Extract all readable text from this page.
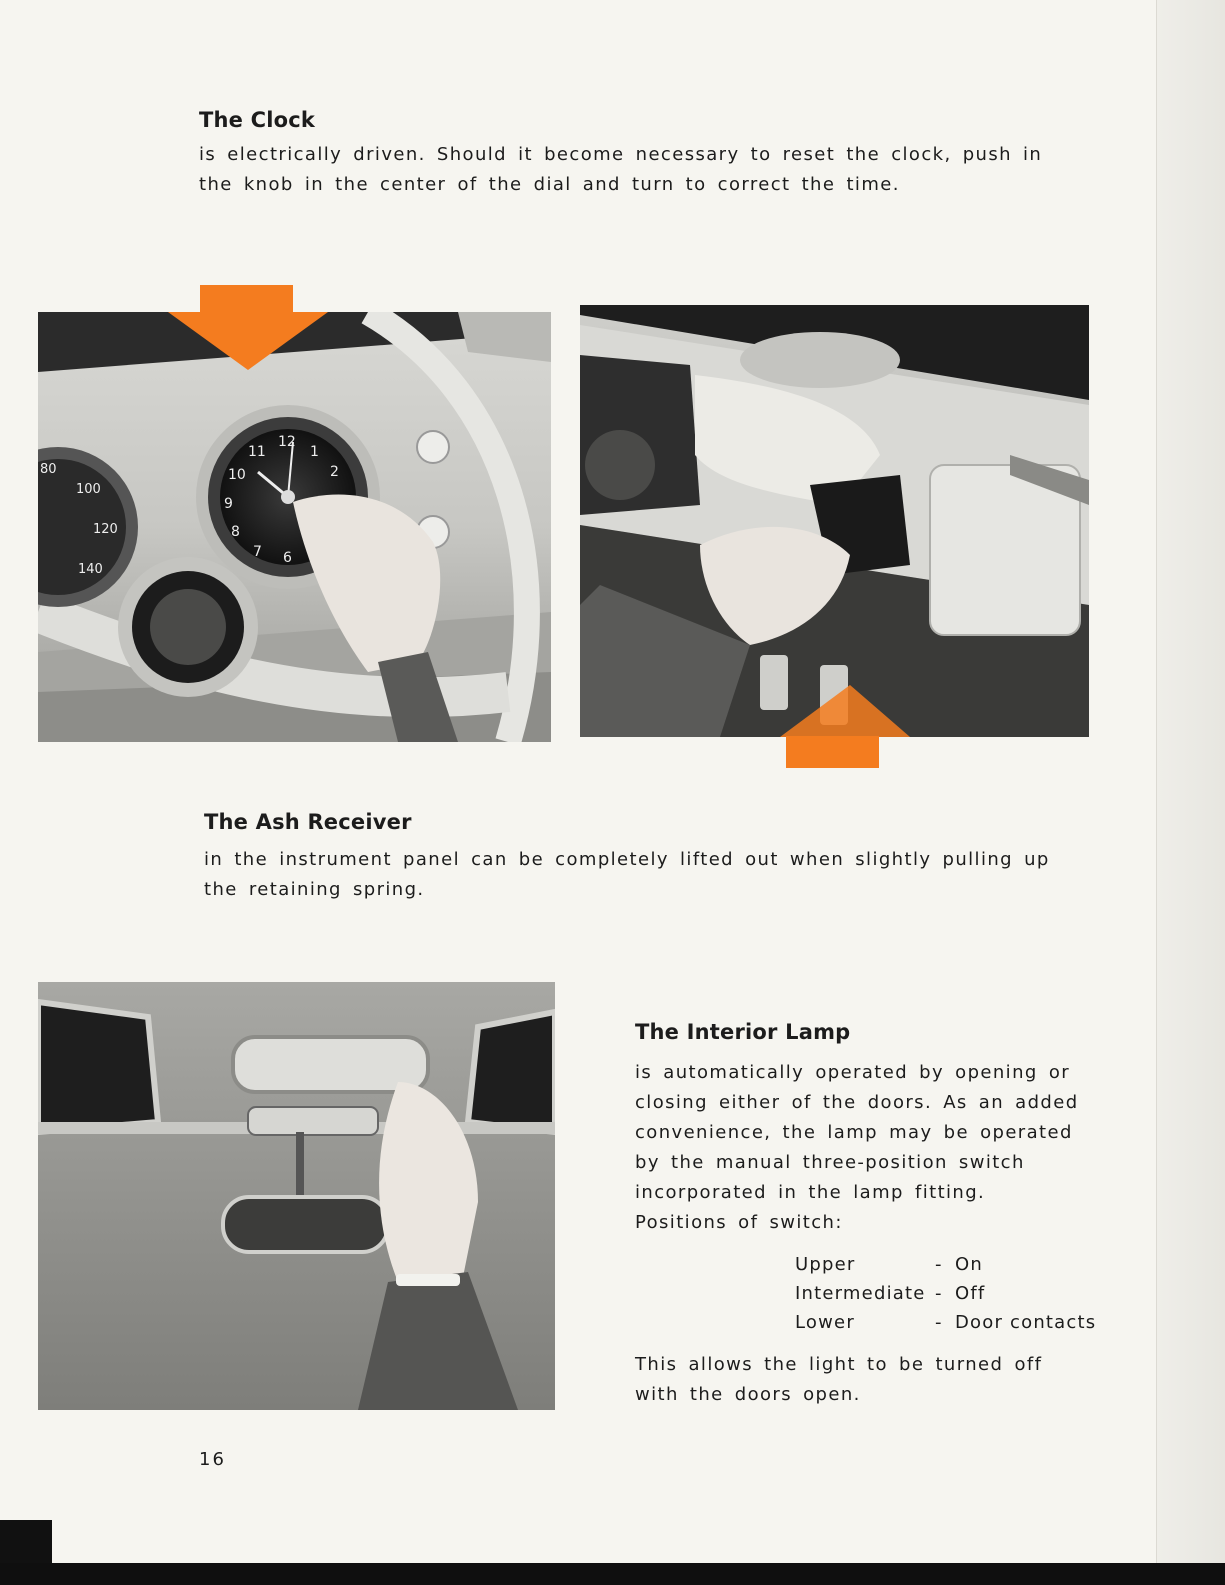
The Clock

is electrically driven. Should it become necessary to reset the clock, push in the knob in the center of the dial and turn to correct the time.

12
1
2
11
10
9
8
7 6
80
100
120
140
The Ash Receiver

in the instrument panel can be completely lifted out when slightly pulling up the retaining spring.

The Interior Lamp

is automatically operated by opening or closing either of the doors. As an added convenience, the lamp may be operated by the manual three-position switch incorporated in the lamp fitting.

Positions of switch:

Upper	- On
Intermediate - Off
Lower	- Door contacts

This allows the light to be turned off with the doors open.

16
